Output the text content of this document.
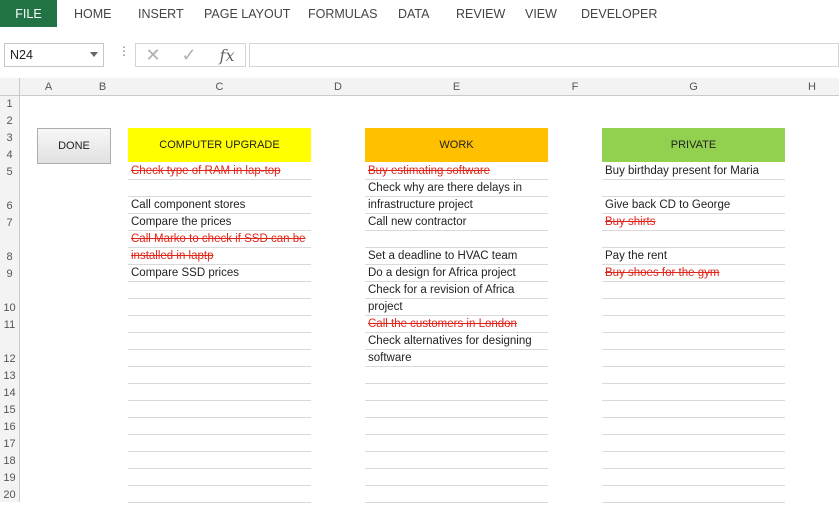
FILE	HOME INSERT PAGE LAYOUT FORMULAS DATA REVIEW VIEW DEVELOPER
N24	⋮ ✕	✓	fx
A	B	C	D	E	F	G	H
1
2
3
4
5
6
7
8
9
10
11
12
13
14
15
16
17
18
19
20
DONE	COMPUTER UPGRADE	WORK	PRIVATE
Check type of RAM in lap-top
Call component stores
Compare the prices
Call Marko to check if SSD can be
installed in laptp
Compare SSD prices
Buy estimating software
Check why are there delays in
infrastructure project
Call new contractor
Set a deadline to HVAC team
Do a design for Africa project
Check for a revision of Africa
project
Call the customers in London
Check alternatives for designing
software
Buy birthday present for Maria
Give back CD to George
Buy shirts
Pay the rent
Buy shoes for the gym
